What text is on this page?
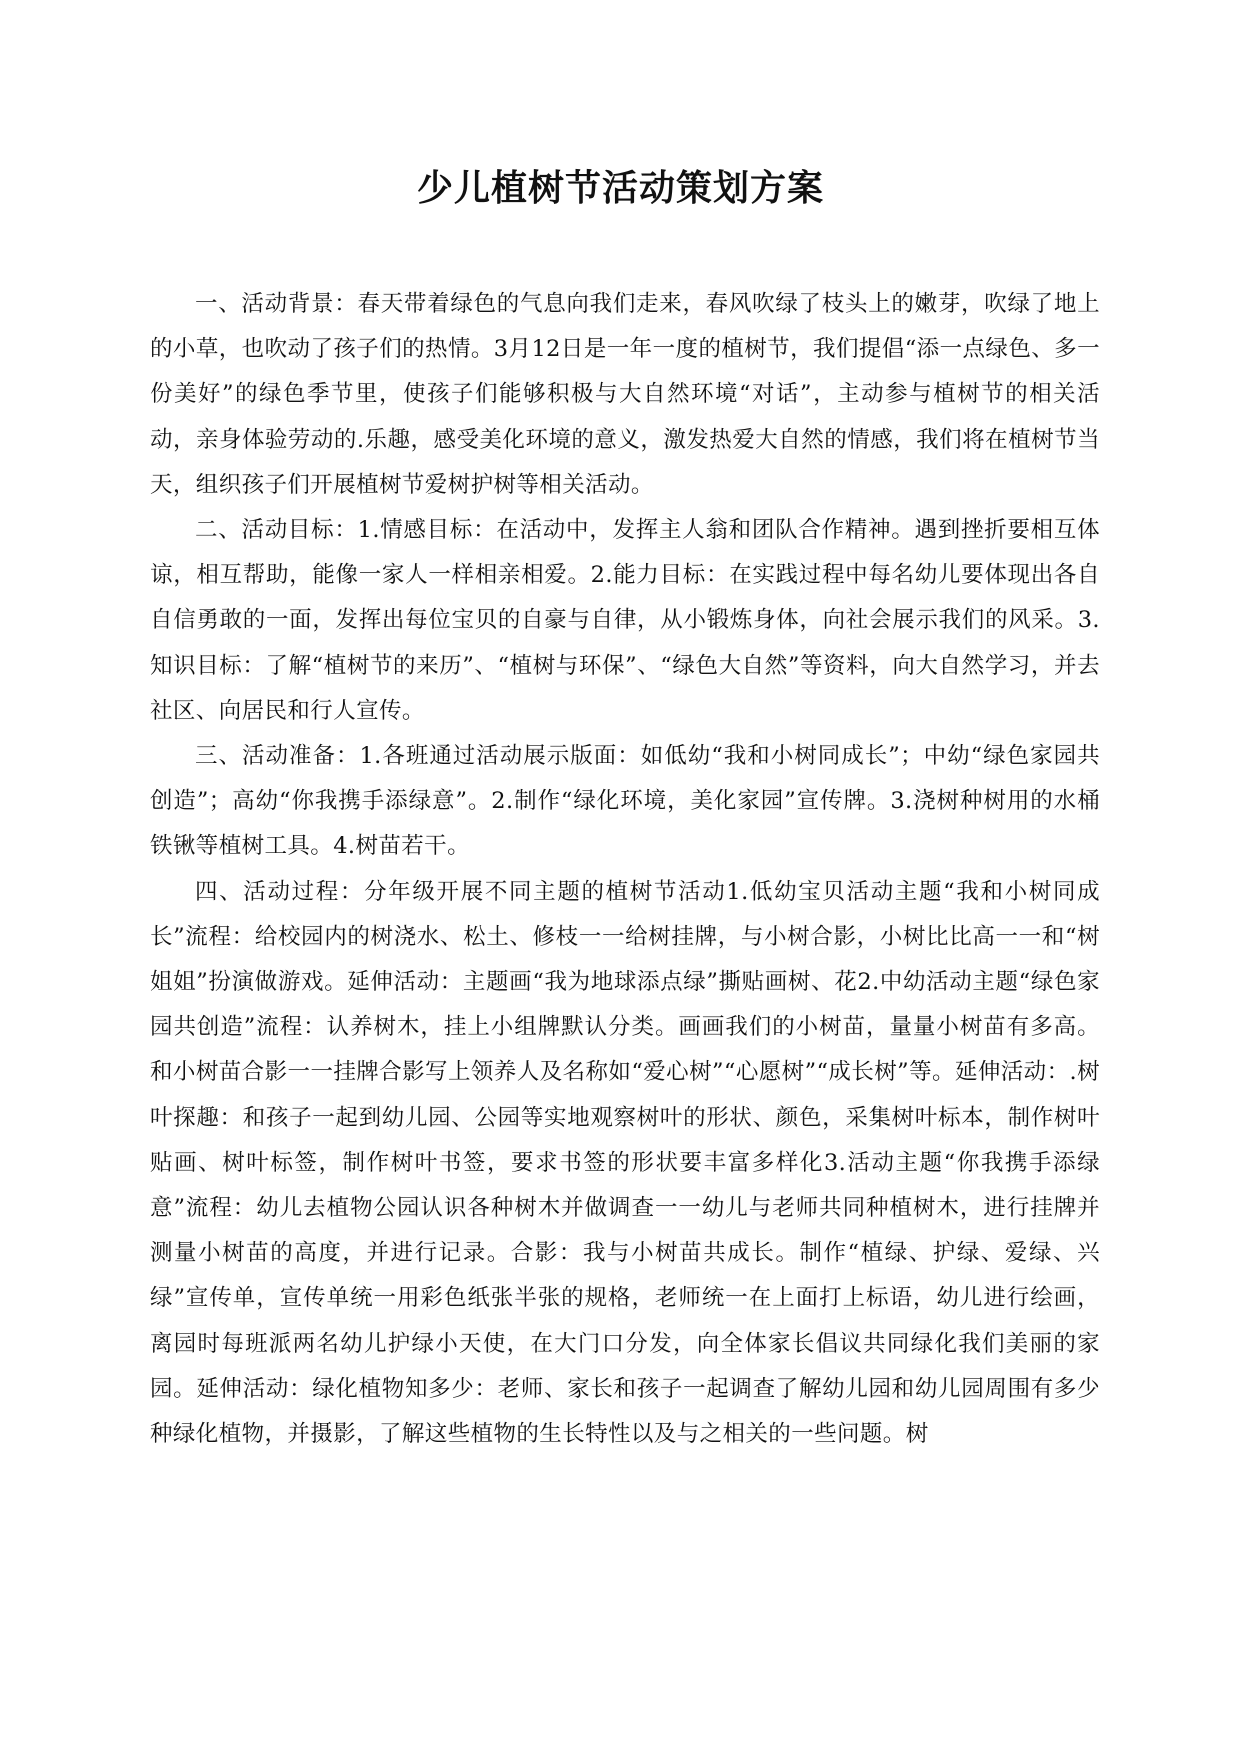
少儿植树节活动策划方案

一、活动背景：春天带着绿色的气息向我们走来，春风吹绿了枝头上的嫩芽，吹绿了地上的小草，也吹动了孩子们的热情。3月12日是一年一度的植树节，我们提倡“添一点绿色、多一份美好”的绿色季节里，使孩子们能够积极与大自然环境“对话”，主动参与植树节的相关活动，亲身体验劳动的.乐趣，感受美化环境的意义，激发热爱大自然的情感，我们将在植树节当天，组织孩子们开展植树节爱树护树等相关活动。

二、活动目标：1.情感目标：在活动中，发挥主人翁和团队合作精神。遇到挫折要相互体谅，相互帮助，能像一家人一样相亲相爱。2.能力目标：在实践过程中每名幼儿要体现出各自自信勇敢的一面，发挥出每位宝贝的自豪与自律，从小锻炼身体，向社会展示我们的风采。3.知识目标：了解“植树节的来历”、“植树与环保”、“绿色大自然”等资料，向大自然学习，并去社区、向居民和行人宣传。

三、活动准备：1.各班通过活动展示版面：如低幼“我和小树同成长”；中幼“绿色家园共创造”；高幼“你我携手添绿意”。2.制作“绿化环境，美化家园”宣传牌。3.浇树种树用的水桶铁锹等植树工具。4.树苗若干。

四、活动过程：分年级开展不同主题的植树节活动1.低幼宝贝活动主题“我和小树同成长”流程：给校园内的树浇水、松土、修枝一一给树挂牌，与小树合影，小树比比高一一和“树姐姐”扮演做游戏。延伸活动：主题画“我为地球添点绿”撕贴画树、花2.中幼活动主题“绿色家园共创造”流程：认养树木，挂上小组牌默认分类。画画我们的小树苗，量量小树苗有多高。和小树苗合影一一挂牌合影写上领养人及名称如“爱心树”“心愿树”“成长树”等。延伸活动：.树叶探趣：和孩子一起到幼儿园、公园等实地观察树叶的形状、颜色，采集树叶标本，制作树叶贴画、树叶标签，制作树叶书签，要求书签的形状要丰富多样化3.活动主题“你我携手添绿意”流程：幼儿去植物公园认识各种树木并做调查一一幼儿与老师共同种植树木，进行挂牌并测量小树苗的高度，并进行记录。合影：我与小树苗共成长。制作“植绿、护绿、爱绿、兴绿”宣传单，宣传单统一用彩色纸张半张的规格，老师统一在上面打上标语，幼儿进行绘画，离园时每班派两名幼儿护绿小天使，在大门口分发，向全体家长倡议共同绿化我们美丽的家园。延伸活动：绿化植物知多少：老师、家长和孩子一起调查了解幼儿园和幼儿园周围有多少种绿化植物，并摄影，了解这些植物的生长特性以及与之相关的一些问题。树
